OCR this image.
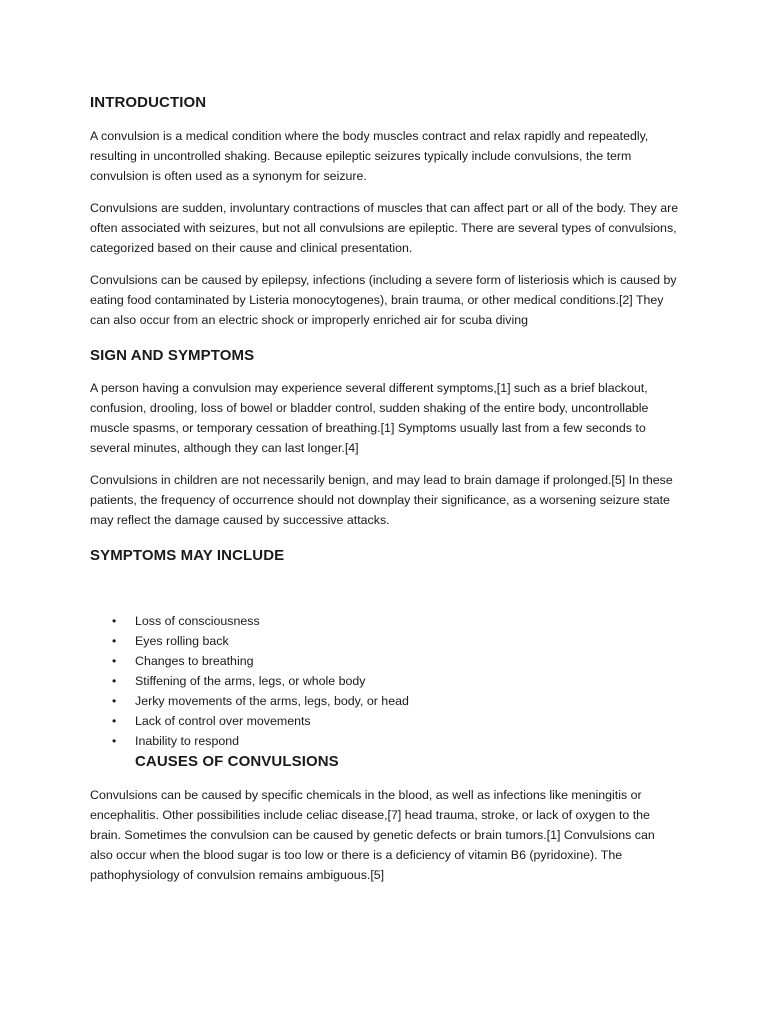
INTRODUCTION

A convulsion is a medical condition where the body muscles contract and relax rapidly and repeatedly, resulting in uncontrolled shaking. Because epileptic seizures typically include convulsions, the term convulsion is often used as a synonym for seizure.

Convulsions are sudden, involuntary contractions of muscles that can affect part or all of the body. They are often associated with seizures, but not all convulsions are epileptic. There are several types of convulsions, categorized based on their cause and clinical presentation.

Convulsions can be caused by epilepsy, infections (including a severe form of listeriosis which is caused by eating food contaminated by Listeria monocytogenes), brain trauma, or other medical conditions.[2] They can also occur from an electric shock or improperly enriched air for scuba diving

SIGN AND SYMPTOMS

A person having a convulsion may experience several different symptoms,[1] such as a brief blackout, confusion, drooling, loss of bowel or bladder control, sudden shaking of the entire body, uncontrollable muscle spasms, or temporary cessation of breathing.[1] Symptoms usually last from a few seconds to several minutes, although they can last longer.[4]

Convulsions in children are not necessarily benign, and may lead to brain damage if prolonged.[5] In these patients, the frequency of occurrence should not downplay their significance, as a worsening seizure state may reflect the damage caused by successive attacks.

SYMPTOMS MAY INCLUDE
• Loss of consciousness
• Eyes rolling back
• Changes to breathing
• Stiffening of the arms, legs, or whole body
• Jerky movements of the arms, legs, body, or head
• Lack of control over movements
• Inability to respond
CAUSES OF CONVULSIONS

Convulsions can be caused by specific chemicals in the blood, as well as infections like meningitis or encephalitis. Other possibilities include celiac disease,[7] head trauma, stroke, or lack of oxygen to the brain. Sometimes the convulsion can be caused by genetic defects or brain tumors.[1] Convulsions can also occur when the blood sugar is too low or there is a deficiency of vitamin B6 (pyridoxine). The pathophysiology of convulsion remains ambiguous.[5]
